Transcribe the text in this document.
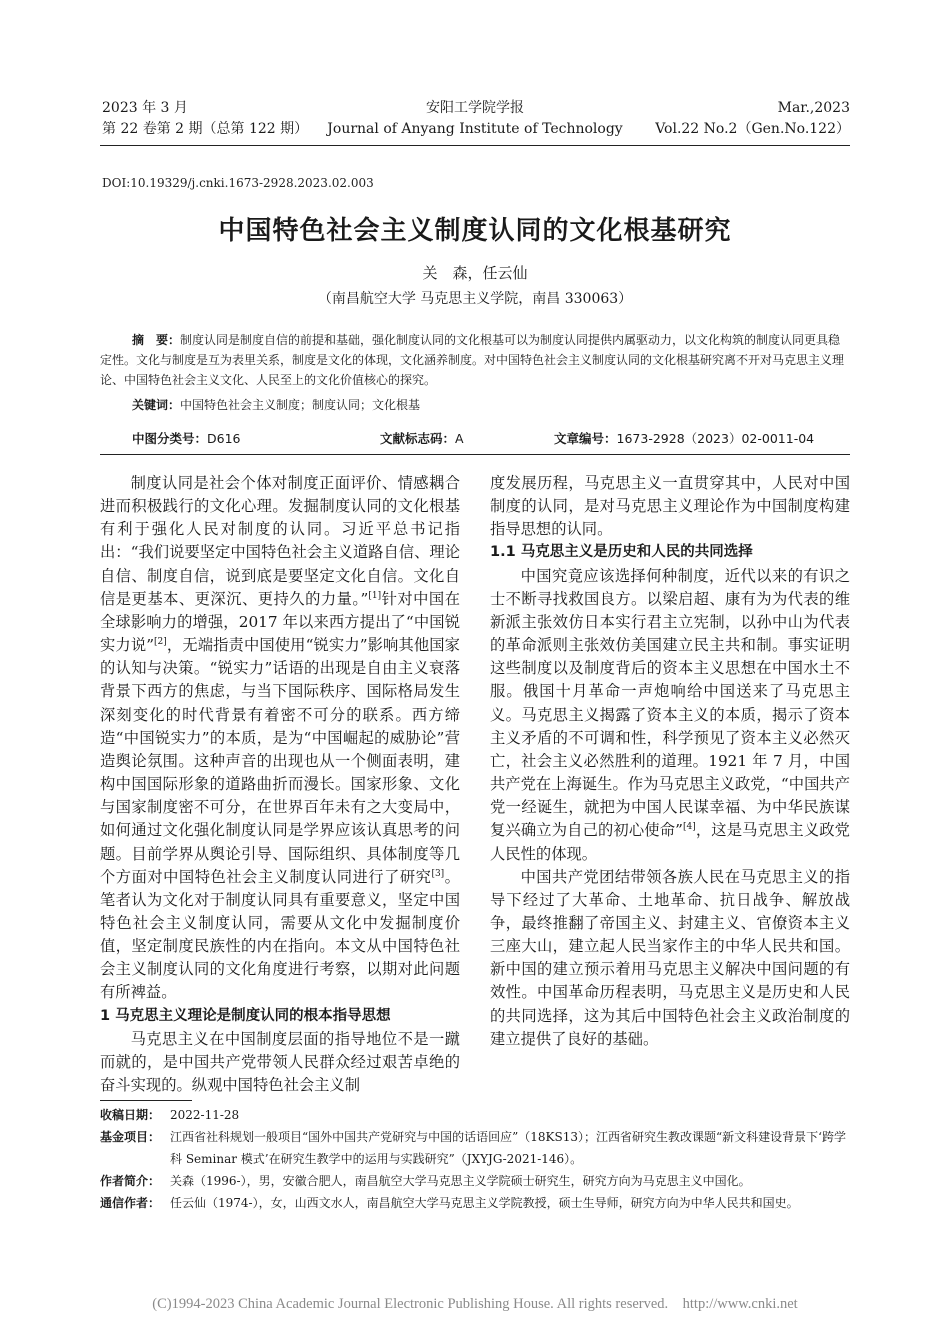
2023 年 3 月
第 22 卷第 2 期（总第 122 期）
安阳工学院学报
Journal of Anyang Institute of Technology
Mar.,2023
Vol.22 No.2（Gen.No.122）
DOI:10.19329/j.cnki.1673-2928.2023.02.003
中国特色社会主义制度认同的文化根基研究
关　森，任云仙
（南昌航空大学 马克思主义学院，南昌 330063）
摘　要：制度认同是制度自信的前提和基础，强化制度认同的文化根基可以为制度认同提供内属驱动力，以文化构筑的制度认同更具稳定性。文化与制度是互为表里关系，制度是文化的体现，文化涵养制度。对中国特色社会主义制度认同的文化根基研究离不开对马克思主义理论、中国特色社会主义文化、人民至上的文化价值核心的探究。
关键词：中国特色社会主义制度；制度认同；文化根基
中图分类号：D616	文献标志码：A	文章编号：1673-2928（2023）02-0011-04

制度认同是社会个体对制度正面评价、情感耦合进而积极践行的文化心理。发掘制度认同的文化根基有利于强化人民对制度的认同。习近平总书记指出：“我们说要坚定中国特色社会主义道路自信、理论自信、制度自信，说到底是要坚定文化自信。文化自信是更基本、更深沉、更持久的力量。”[1]针对中国在全球影响力的增强，2017 年以来西方提出了“中国锐实力说”[2]，无端指责中国使用“锐实力”影响其他国家的认知与决策。“锐实力”话语的出现是自由主义衰落背景下西方的焦虑，与当下国际秩序、国际格局发生深刻变化的时代背景有着密不可分的联系。西方缔造“中国锐实力”的本质，是为“中国崛起的威胁论”营造舆论氛围。这种声音的出现也从一个侧面表明，建构中国国际形象的道路曲折而漫长。国家形象、文化与国家制度密不可分，在世界百年未有之大变局中，如何通过文化强化制度认同是学界应该认真思考的问题。目前学界从舆论引导、国际组织、具体制度等几个方面对中国特色社会主义制度认同进行了研究[3]。笔者认为文化对于制度认同具有重要意义，坚定中国特色社会主义制度认同，需要从文化中发掘制度价值，坚定制度民族性的内在指向。本文从中国特色社会主义制度认同的文化角度进行考察，以期对此问题有所裨益。

1 马克思主义理论是制度认同的根本指导思想

马克思主义在中国制度层面的指导地位不是一蹴而就的，是中国共产党带领人民群众经过艰苦卓绝的奋斗实现的。纵观中国特色社会主义制

度发展历程，马克思主义一直贯穿其中，人民对中国制度的认同，是对马克思主义理论作为中国制度构建指导思想的认同。

1.1 马克思主义是历史和人民的共同选择

中国究竟应该选择何种制度，近代以来的有识之士不断寻找救国良方。以梁启超、康有为为代表的维新派主张效仿日本实行君主立宪制，以孙中山为代表的革命派则主张效仿美国建立民主共和制。事实证明这些制度以及制度背后的资本主义思想在中国水土不服。俄国十月革命一声炮响给中国送来了马克思主义。马克思主义揭露了资本主义的本质，揭示了资本主义矛盾的不可调和性，科学预见了资本主义必然灭亡，社会主义必然胜利的道理。1921 年 7 月，中国共产党在上海诞生。作为马克思主义政党，“中国共产党一经诞生，就把为中国人民谋幸福、为中华民族谋复兴确立为自己的初心使命”[4]，这是马克思主义政党人民性的体现。

中国共产党团结带领各族人民在马克思主义的指导下经过了大革命、土地革命、抗日战争、解放战争，最终推翻了帝国主义、封建主义、官僚资本主义三座大山，建立起人民当家作主的中华人民共和国。新中国的建立预示着用马克思主义解决中国问题的有效性。中国革命历程表明，马克思主义是历史和人民的共同选择，这为其后中国特色社会主义政治制度的建立提供了良好的基础。

收稿日期： 2022-11-28
基金项目： 江西省社科规划一般项目“国外中国共产党研究与中国的话语回应”（18KS13）；江西省研究生教改课题“新文科建设背景下‘跨学科 Seminar 模式’在研究生教学中的运用与实践研究”（JXYJG-2021-146）。
作者简介： 关森（1996-），男，安徽合肥人，南昌航空大学马克思主义学院硕士研究生，研究方向为马克思主义中国化。
通信作者： 任云仙（1974-），女，山西文水人，南昌航空大学马克思主义学院教授，硕士生导师，研究方向为中华人民共和国史。
(C)1994-2023 China Academic Journal Electronic Publishing House. All rights reserved.    http://www.cnki.net
